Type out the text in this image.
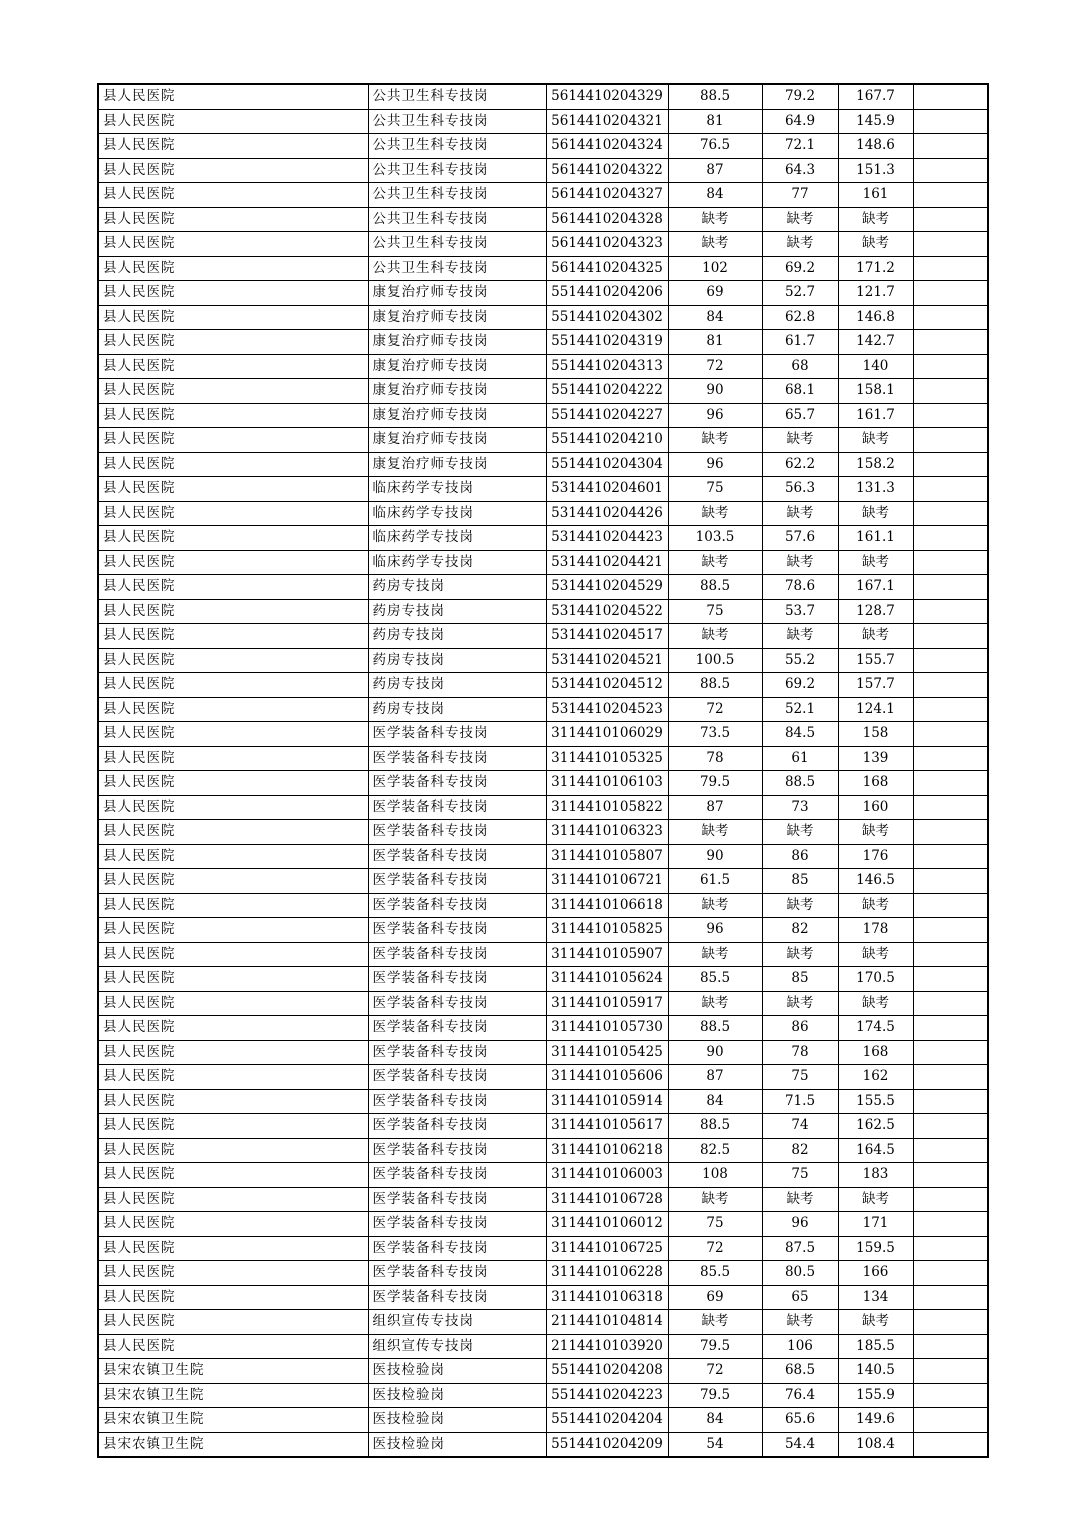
县人民医院	公共卫生科专技岗	5614410204329	88.5	79.2	167.7	
县人民医院	公共卫生科专技岗	5614410204321	81	64.9	145.9	
县人民医院	公共卫生科专技岗	5614410204324	76.5	72.1	148.6	
县人民医院	公共卫生科专技岗	5614410204322	87	64.3	151.3	
县人民医院	公共卫生科专技岗	5614410204327	84	77	161	
县人民医院	公共卫生科专技岗	5614410204328	缺考	缺考	缺考	
县人民医院	公共卫生科专技岗	5614410204323	缺考	缺考	缺考	
县人民医院	公共卫生科专技岗	5614410204325	102	69.2	171.2	
县人民医院	康复治疗师专技岗	5514410204206	69	52.7	121.7	
县人民医院	康复治疗师专技岗	5514410204302	84	62.8	146.8	
县人民医院	康复治疗师专技岗	5514410204319	81	61.7	142.7	
县人民医院	康复治疗师专技岗	5514410204313	72	68	140	
县人民医院	康复治疗师专技岗	5514410204222	90	68.1	158.1	
县人民医院	康复治疗师专技岗	5514410204227	96	65.7	161.7	
县人民医院	康复治疗师专技岗	5514410204210	缺考	缺考	缺考	
县人民医院	康复治疗师专技岗	5514410204304	96	62.2	158.2	
县人民医院	临床药学专技岗	5314410204601	75	56.3	131.3	
县人民医院	临床药学专技岗	5314410204426	缺考	缺考	缺考	
县人民医院	临床药学专技岗	5314410204423	103.5	57.6	161.1	
县人民医院	临床药学专技岗	5314410204421	缺考	缺考	缺考	
县人民医院	药房专技岗	5314410204529	88.5	78.6	167.1	
县人民医院	药房专技岗	5314410204522	75	53.7	128.7	
县人民医院	药房专技岗	5314410204517	缺考	缺考	缺考	
县人民医院	药房专技岗	5314410204521	100.5	55.2	155.7	
县人民医院	药房专技岗	5314410204512	88.5	69.2	157.7	
县人民医院	药房专技岗	5314410204523	72	52.1	124.1	
县人民医院	医学装备科专技岗	3114410106029	73.5	84.5	158	
县人民医院	医学装备科专技岗	3114410105325	78	61	139	
县人民医院	医学装备科专技岗	3114410106103	79.5	88.5	168	
县人民医院	医学装备科专技岗	3114410105822	87	73	160	
县人民医院	医学装备科专技岗	3114410106323	缺考	缺考	缺考	
县人民医院	医学装备科专技岗	3114410105807	90	86	176	
县人民医院	医学装备科专技岗	3114410106721	61.5	85	146.5	
县人民医院	医学装备科专技岗	3114410106618	缺考	缺考	缺考	
县人民医院	医学装备科专技岗	3114410105825	96	82	178	
县人民医院	医学装备科专技岗	3114410105907	缺考	缺考	缺考	
县人民医院	医学装备科专技岗	3114410105624	85.5	85	170.5	
县人民医院	医学装备科专技岗	3114410105917	缺考	缺考	缺考	
县人民医院	医学装备科专技岗	3114410105730	88.5	86	174.5	
县人民医院	医学装备科专技岗	3114410105425	90	78	168	
县人民医院	医学装备科专技岗	3114410105606	87	75	162	
县人民医院	医学装备科专技岗	3114410105914	84	71.5	155.5	
县人民医院	医学装备科专技岗	3114410105617	88.5	74	162.5	
县人民医院	医学装备科专技岗	3114410106218	82.5	82	164.5	
县人民医院	医学装备科专技岗	3114410106003	108	75	183	
县人民医院	医学装备科专技岗	3114410106728	缺考	缺考	缺考	
县人民医院	医学装备科专技岗	3114410106012	75	96	171	
县人民医院	医学装备科专技岗	3114410106725	72	87.5	159.5	
县人民医院	医学装备科专技岗	3114410106228	85.5	80.5	166	
县人民医院	医学装备科专技岗	3114410106318	69	65	134	
县人民医院	组织宣传专技岗	2114410104814	缺考	缺考	缺考	
县人民医院	组织宣传专技岗	2114410103920	79.5	106	185.5	
县宋农镇卫生院	医技检验岗	5514410204208	72	68.5	140.5	
县宋农镇卫生院	医技检验岗	5514410204223	79.5	76.4	155.9	
县宋农镇卫生院	医技检验岗	5514410204204	84	65.6	149.6	
县宋农镇卫生院	医技检验岗	5514410204209	54	54.4	108.4	
